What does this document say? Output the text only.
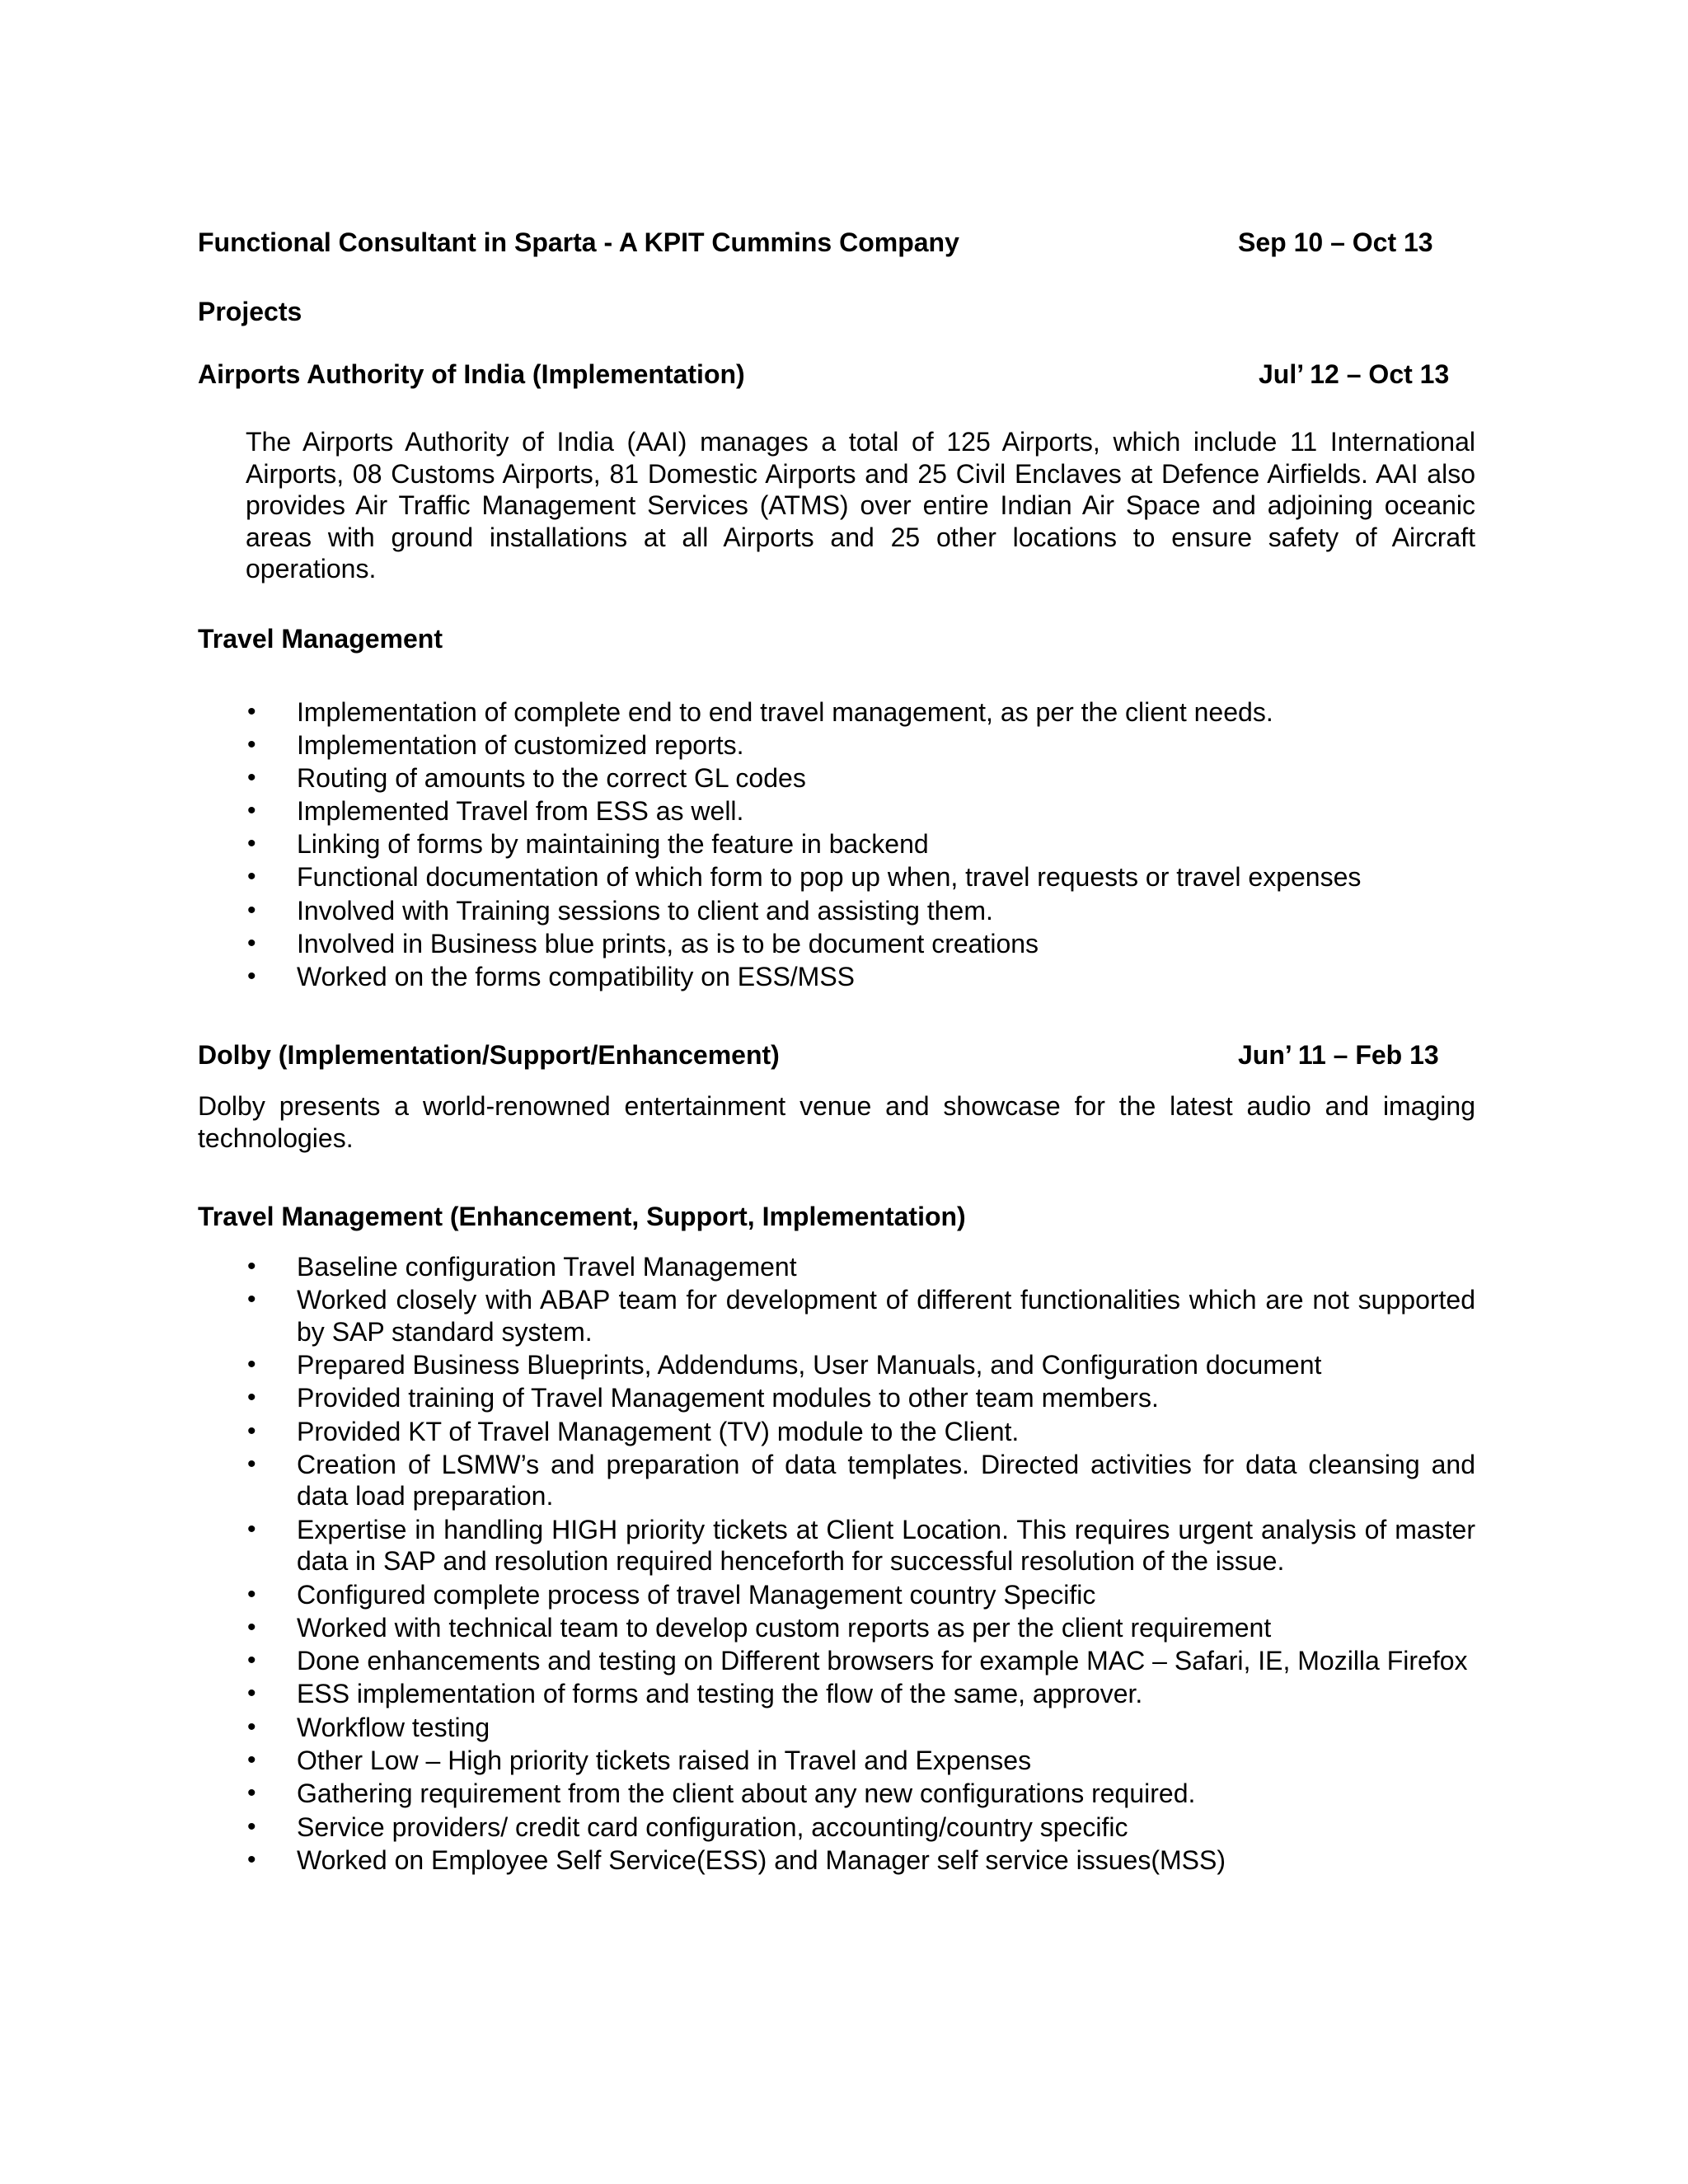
Functional Consultant in Sparta - A KPIT Cummins Company	Sep 10 – Oct 13
Projects
Airports Authority of India (Implementation)	Jul’ 12 – Oct 13
The Airports Authority of India (AAI) manages a total of 125 Airports, which include 11 International Airports, 08 Customs Airports, 81 Domestic Airports and 25 Civil Enclaves at Defence Airfields. AAI also provides Air Traffic Management Services (ATMS) over entire Indian Air Space and adjoining oceanic areas with ground installations at all Airports and 25 other locations to ensure safety of Aircraft operations.
Travel Management
• Implementation of complete end to end travel management, as per the client needs.
• Implementation of customized reports.
• Routing of amounts to the correct GL codes
• Implemented Travel from ESS as well.
• Linking of forms by maintaining the feature in backend
• Functional documentation of which form to pop up when, travel requests or travel expenses
• Involved with Training sessions to client and assisting them.
• Involved in Business blue prints, as is to be document creations
• Worked on the forms compatibility on ESS/MSS
Dolby (Implementation/Support/Enhancement)	Jun’ 11 – Feb 13
Dolby presents a world-renowned entertainment venue and showcase for the latest audio and imaging technologies.
Travel Management (Enhancement, Support, Implementation)
• Baseline configuration Travel Management
• Worked closely with ABAP team for development of different functionalities which are not supported by SAP standard system.
• Prepared Business Blueprints, Addendums, User Manuals, and Configuration document
• Provided training of Travel Management modules to other team members.
• Provided KT of Travel Management (TV) module to the Client.
• Creation of LSMW’s and preparation of data templates. Directed activities for data cleansing and data load preparation.
• Expertise in handling HIGH priority tickets at Client Location. This requires urgent analysis of master data in SAP and resolution required henceforth for successful resolution of the issue.
• Configured complete process of travel Management country Specific
• Worked with technical team to develop custom reports as per the client requirement
• Done enhancements and testing on Different browsers for example MAC – Safari, IE, Mozilla Firefox
• ESS implementation of forms and testing the flow of the same, approver.
• Workflow testing
• Other Low – High priority tickets raised in Travel and Expenses
• Gathering requirement from the client about any new configurations required.
• Service providers/ credit card configuration, accounting/country specific
• Worked on Employee Self Service(ESS) and Manager self service issues(MSS)
